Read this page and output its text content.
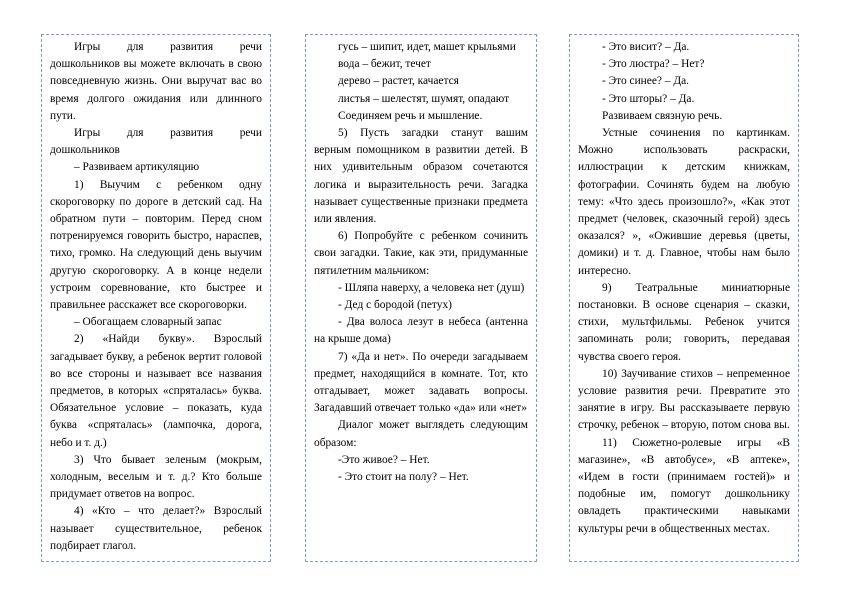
Игры для развития речи дошкольников вы можете включать в свою повседневную жизнь. Они выручат вас во время долгого ожидания или длинного пути.

Игры для развития речи дошкольников

– Развиваем артикуляцию

1) Выучим с ребенком одну скороговорку по дороге в детский сад. На обратном пути – повторим. Перед сном потренируемся говорить быстро, нараспев, тихо, громко. На следующий день выучим другую скороговорку. А в конце недели устроим соревнование, кто быстрее и правильнее расскажет все скороговорки.

– Обогащаем словарный запас

2) «Найди букву». Взрослый загадывает букву, а ребенок вертит головой во все стороны и называет все названия предметов, в которых «спряталась» буква. Обязательное условие – показать, куда буква «спряталась» (лампочка, дорога, небо и т. д.)

3) Что бывает зеленым (мокрым, холодным, веселым и т. д.? Кто больше придумает ответов на вопрос.

4) «Кто – что делает?» Взрослый называет существительное, ребенок подбирает глагол.

гусь – шипит, идет, машет крыльями

вода – бежит, течет

дерево – растет, качается

листья – шелестят, шумят, опадают

Соединяем речь и мышление.

5) Пусть загадки станут вашим верным помощником в развитии детей. В них удивительным образом сочетаются логика и выразительность речи. Загадка называет существенные признаки предмета или явления.

6) Попробуйте с ребенком сочинить свои загадки. Такие, как эти, придуманные пятилетним мальчиком:

- Шляпа наверху, а человека нет (душ)

- Дед с бородой (петух)

- Два волоса лезут в небеса (антенна на крыше дома)

7) «Да и нет». По очереди загадываем предмет, находящийся в комнате. Тот, кто отгадывает, может задавать вопросы. Загадавший отвечает только «да» или «нет»

Диалог может выглядеть следующим образом:

-Это живое? – Нет.

- Это стоит на полу? – Нет.

- Это висит? – Да.

- Это люстра? – Нет?

- Это синее? – Да.

- Это шторы? – Да.

Развиваем связную речь.

Устные сочинения по картинкам. Можно использовать раскраски, иллюстрации к детским книжкам, фотографии. Сочинять будем на любую тему: «Что здесь произошло?», «Как этот предмет (человек, сказочный герой) здесь оказался? », «Ожившие деревья (цветы, домики) и т. д. Главное, чтобы нам было интересно.

9) Театральные миниатюрные постановки. В основе сценария – сказки, стихи, мультфильмы. Ребенок учится запоминать роли; говорить, передавая чувства своего героя.

10) Заучивание стихов – непременное условие развития речи. Превратите это занятие в игру. Вы рассказываете первую строчку, ребенок – вторую, потом снова вы.

11) Сюжетно-ролевые игры «В магазине», «В автобусе», «В аптеке», «Идем в гости (принимаем гостей)» и подобные им, помогут дошкольнику овладеть практическими навыками культуры речи в общественных местах.
